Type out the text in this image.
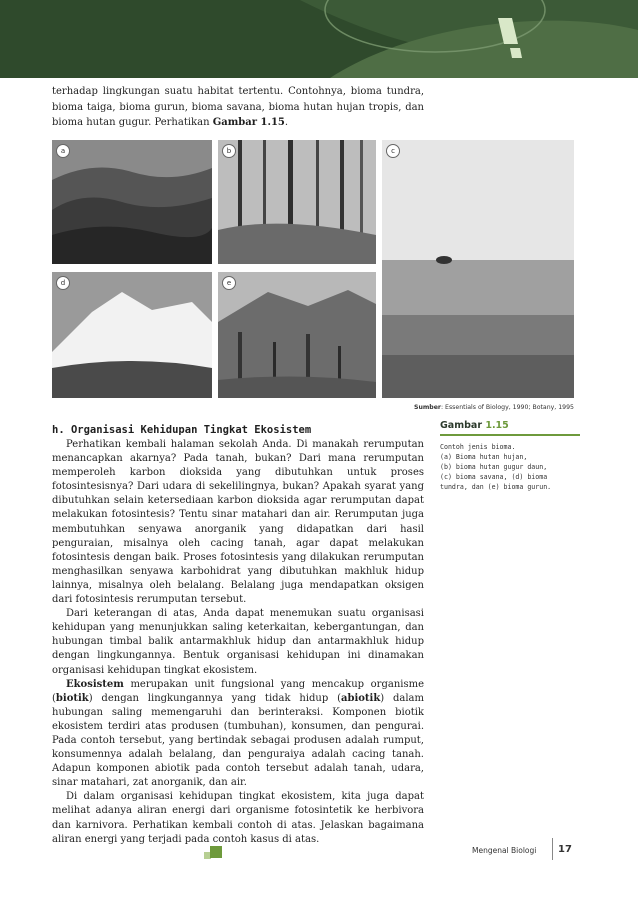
terhadap lingkungan suatu habitat tertentu. Contohnya, bioma tundra, bioma taiga, bioma gurun, bioma savana, bioma hutan hujan tropis, dan bioma hutan gugur. Perhatikan Gambar 1.15.

a	b	c
d	e
Sumber: Essentials of Biology, 1990; Botany, 1995
h. Organisasi Kehidupan Tingkat Ekosistem

Perhatikan kembali halaman sekolah Anda. Di manakah rerumputan menancapkan akarnya? Pada tanah, bukan? Dari mana rerumputan memperoleh karbon dioksida yang dibutuhkan untuk proses fotosintesisnya? Dari udara di sekelilingnya, bukan? Apakah syarat yang dibutuhkan selain ketersediaan karbon dioksida agar rerumputan dapat melakukan fotosintesis? Tentu sinar matahari dan air. Rerumputan juga membutuhkan senyawa anorganik yang didapatkan dari hasil penguraian, misalnya oleh cacing tanah, agar dapat melakukan fotosintesis dengan baik. Proses fotosintesis yang dilakukan rerumputan menghasilkan senyawa karbohidrat yang dibutuhkan makhluk hidup lainnya, misalnya oleh belalang. Belalang juga mendapatkan oksigen dari fotosintesis rerumputan tersebut.

Dari keterangan di atas, Anda dapat menemukan suatu organisasi kehidupan yang menunjukkan saling keterkaitan, kebergantungan, dan hubungan timbal balik antarmakhluk hidup dan antarmakhluk hidup dengan lingkungannya. Bentuk organisasi kehidupan ini dinamakan organisasi kehidupan tingkat ekosistem.

Ekosistem merupakan unit fungsional yang mencakup organisme (biotik) dengan lingkungannya yang tidak hidup (abiotik) dalam hubungan saling memengaruhi dan berinteraksi. Komponen biotik ekosistem terdiri atas produsen (tumbuhan), konsumen, dan pengurai. Pada contoh tersebut, yang bertindak sebagai produsen adalah rumput, konsumennya adalah belalang, dan penguraiya adalah cacing tanah. Adapun komponen abiotik pada contoh tersebut adalah tanah, udara, sinar matahari, zat anorganik, dan air.

Di dalam organisasi kehidupan tingkat ekosistem, kita juga dapat melihat adanya aliran energi dari organisme fotosintetik ke herbivora dan karnivora. Perhatikan kembali contoh di atas. Jelaskan bagaimana aliran energi yang terjadi pada contoh kasus di atas.

Gambar 1.15
Contoh jenis bioma.
(a) Bioma hutan hujan,
(b) bioma hutan gugur daun,
(c) bioma savana, (d) bioma
tundra, dan (e) bioma gurun.
Mengenal Biologi 17
